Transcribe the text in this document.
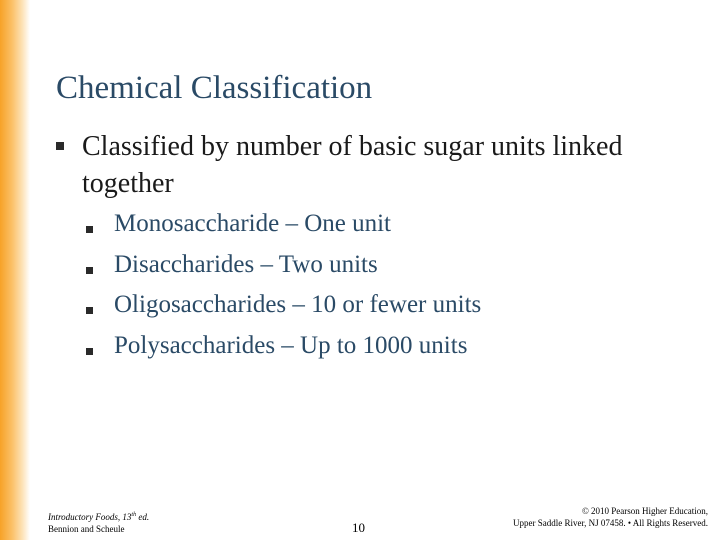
Chemical Classification
Classified by number of basic sugar units linked together
Monosaccharide – One unit
Disaccharides – Two units
Oligosaccharides – 10 or fewer units
Polysaccharides – Up to 1000 units
Introductory Foods, 13th ed.
Bennion and Scheule	10
© 2010 Pearson Higher Education,
Upper Saddle River, NJ 07458. • All Rights Reserved.
